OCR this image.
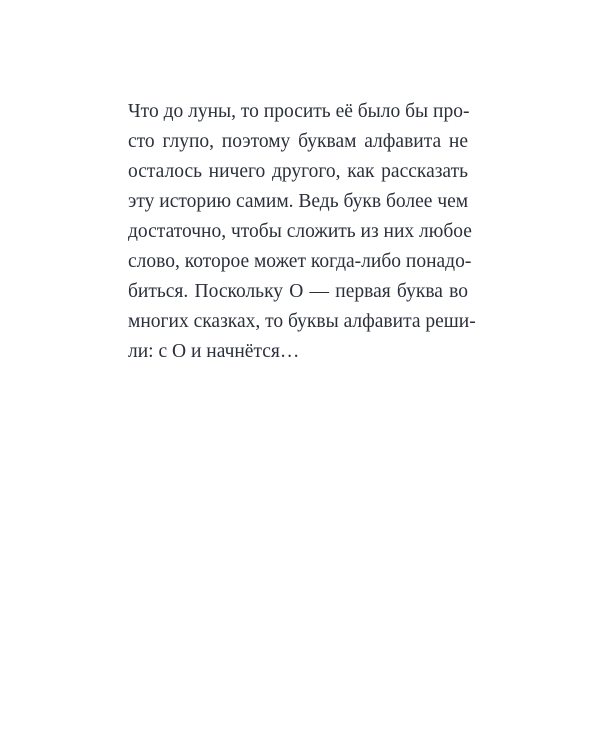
Что до луны, то просить её было бы про-
сто глупо, поэтому буквам алфавита не
осталось ничего другого, как рассказать
эту историю самим. Ведь букв более чем
достаточно, чтобы сложить из них любое
слово, которое может когда-либо понадо-
биться. Поскольку О — первая буква во
многих сказках, то буквы алфавита реши-
ли: с О и начнётся…
